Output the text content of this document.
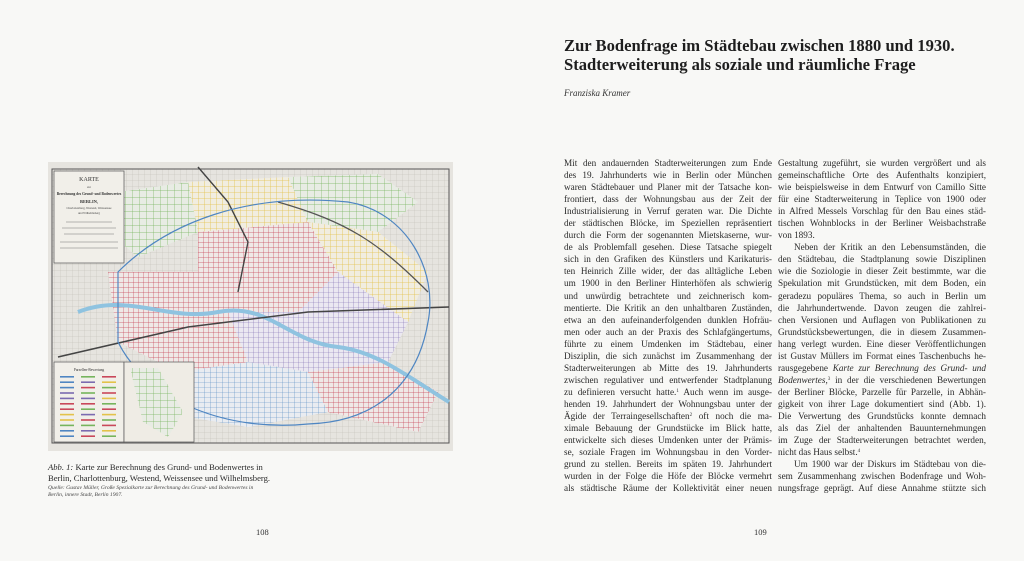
KARTE
zur
Berechnung des Grund- und Bodenwertes
BERLIN,
Charlottenburg, Westend, Weissensee
und Wilhelmsberg
Parzellen-Bewertung
Abb. 1: Karte zur Berechnung des Grund- und Bodenwertes in
Berlin, Charlottenburg, Westend, Weissensee und Wilhelmsberg.
Quelle: Gustav Müller, Große Spezialkarte zur Berechnung des Grund- und Bodenwertes in
Berlin, innere Stadt, Berlin 1907.
108
Zur Bodenfrage im Städtebau zwischen 1880 und 1930.
Stadterweiterung als soziale und räumliche Frage
Franziska Kramer
Mit den andauernden Stadterweiterungen zum Ende
des 19. Jahrhunderts wie in Berlin oder München
waren Städtebauer und Planer mit der Tatsache kon-
frontiert, dass der Wohnungsbau aus der Zeit der
Industrialisierung in Verruf geraten war. Die Dichte
der städtischen Blöcke, im Speziellen repräsentiert
durch die Form der sogenannten Mietskaserne, wur-
de als Problemfall gesehen. Diese Tatsache spiegelt
sich in den Grafiken des Künstlers und Karikaturis-
ten Heinrich Zille wider, der das alltägliche Leben
um 1900 in den Berliner Hinterhöfen als schwierig
und unwürdig betrachtete und zeichnerisch kom-
mentierte. Die Kritik an den unhaltbaren Zuständen,
etwa an den aufeinanderfolgenden dunklen Hofräu-
men oder auch an der Praxis des Schlafgängertums,
führte zu einem Umdenken im Städtebau, einer
Disziplin, die sich zunächst im Zusammenhang der
Stadterweiterungen ab Mitte des 19. Jahrhunderts
zwischen regulativer und entwerfender Stadtplanung
zu definieren versucht hatte.$^1$ Auch wenn im ausge-
henden 19. Jahrhundert der Wohnungsbau unter der
Ägide der Terraingesellschaften$^2$ oft noch die ma-
ximale Bebauung der Grundstücke im Blick hatte,
entwickelte sich dieses Umdenken unter der Prämis-
se, soziale Fragen im Wohnungsbau in den Vorder-
grund zu stellen. Bereits im späten 19. Jahrhundert
wurden in der Folge die Höfe der Blöcke vermehrt
als städtische Räume der Kollektivität einer neuen
Gestaltung zugeführt, sie wurden vergrößert und als
gemeinschaftliche Orte des Aufenthalts konzipiert,
wie beispielsweise in dem Entwurf von Camillo Sitte
für eine Stadterweiterung in Teplice von 1900 oder
in Alfred Messels Vorschlag für den Bau eines städ-
tischen Wohnblocks in der Berliner Weisbachstraße
von 1893.
Neben der Kritik an den Lebensumständen, die
den Städtebau, die Stadtplanung sowie Disziplinen
wie die Soziologie in dieser Zeit bestimmte, war die
Spekulation mit Grundstücken, mit dem Boden, ein
geradezu populäres Thema, so auch in Berlin um
die Jahrhundertwende. Davon zeugen die zahlrei-
chen Versionen und Auflagen von Publikationen zu
Grundstücksbewertungen, die in diesem Zusammen-
hang verlegt wurden. Eine dieser Veröffentlichungen
ist Gustav Müllers im Format eines Taschenbuchs he-
rausgegebene Karte zur Berechnung des Grund- und
Bodenwertes,$^3$ in der die verschiedenen Bewertungen
der Berliner Blöcke, Parzelle für Parzelle, in Abhän-
gigkeit von ihrer Lage dokumentiert sind (Abb. 1).
Die Verwertung des Grundstücks konnte demnach
als das Ziel der anhaltenden Bauunternehmungen
im Zuge der Stadterweiterungen betrachtet werden,
nicht das Haus selbst.$^4$
Um 1900 war der Diskurs im Städtebau von die-
sem Zusammenhang zwischen Bodenfrage und Woh-
nungsfrage geprägt. Auf diese Annahme stützte sich
109
